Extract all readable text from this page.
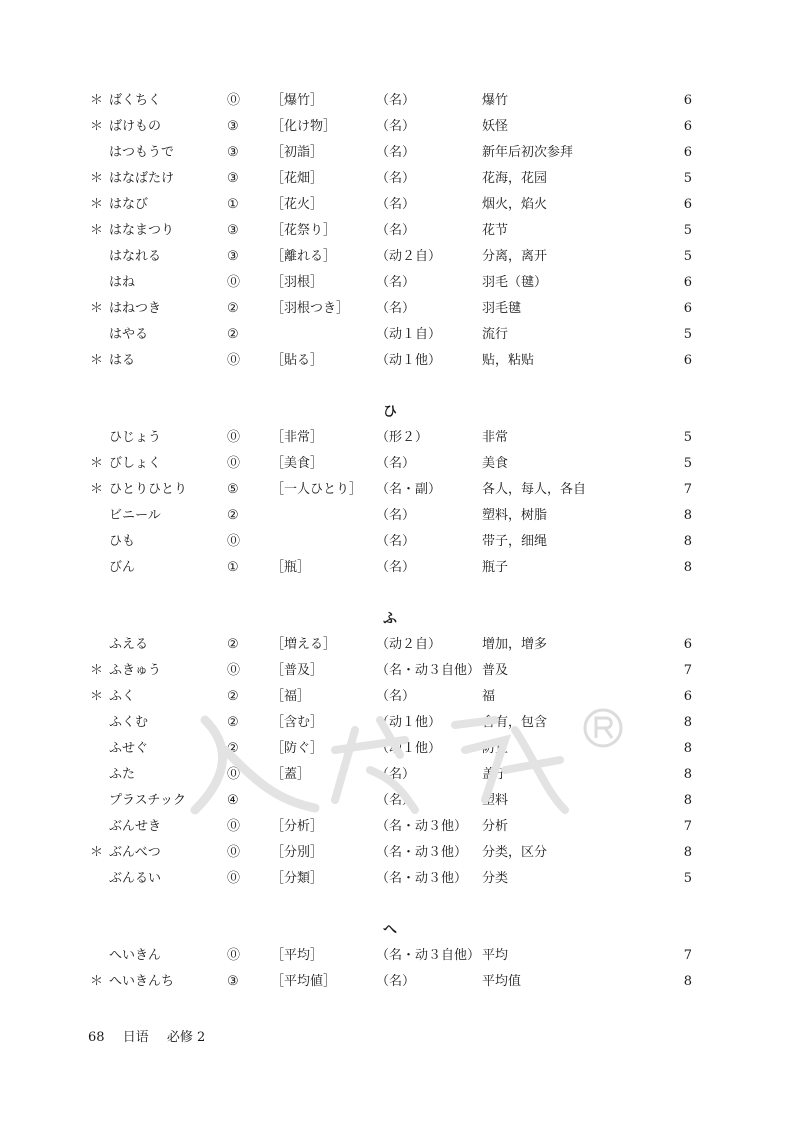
＊ ばくちく	⓪ ［爆竹］	（名）	爆竹	6
＊ ばけもの	③ ［化け物］	（名）	妖怪	6
はつもうで	③ ［初詣］	（名）	新年后初次参拜	6
＊ はなばたけ	③ ［花畑］	（名）	花海，花园	5
＊ はなび	① ［花火］	（名）	烟火，焰火	6
＊ はなまつり	③ ［花祭り］	（名）	花节	5
はなれる	③ ［離れる］	（动２自）	分离，离开	5
はね	⓪ ［羽根］	（名）	羽毛（毽）	6
＊ はねつき	② ［羽根つき］ （名）	羽毛毽	6
はやる	②	（动１自）	流行	5
＊ はる	⓪ ［貼る］	（动１他）	贴，粘贴	6
ひ
ひじょう	⓪ ［非常］	（形２）	非常	5
＊ びしょく	⓪ ［美食］	（名）	美食	5
＊ ひとりひとり	⑤ ［一人ひとり］ （名・副）	各人，每人，各自	7
ビニール	②	（名）	塑料，树脂	8
ひも	⓪	（名）	带子，细绳	8
びん	① ［瓶］	（名）	瓶子	8
ふ
ふえる	② ［増える］	（动２自）	增加，增多	6
＊ ふきゅう	⓪ ［普及］	（名・动３自他） 普及	7
＊ ふく	② ［福］	（名）	福	6
ふくむ	② ［含む］	（动１他）	含有，包含	8
ふせぐ	② ［防ぐ］	（动１他）	防止	8
ふた	⓪ ［蓋］	（名）	盖子	8
プラスチック	④	（名）	塑料	8
ぶんせき	⓪ ［分析］	（名・动３他） 分析	7
＊ ぶんべつ	⓪ ［分別］	（名・动３他） 分类，区分	8
ぶんるい	⓪ ［分類］	（名・动３他） 分类	5
へ
へいきん	⓪ ［平均］	（名・动３自他） 平均	7
＊ へいきんち	③ ［平均値］	（名）	平均值	8
68 日语 必修 2
